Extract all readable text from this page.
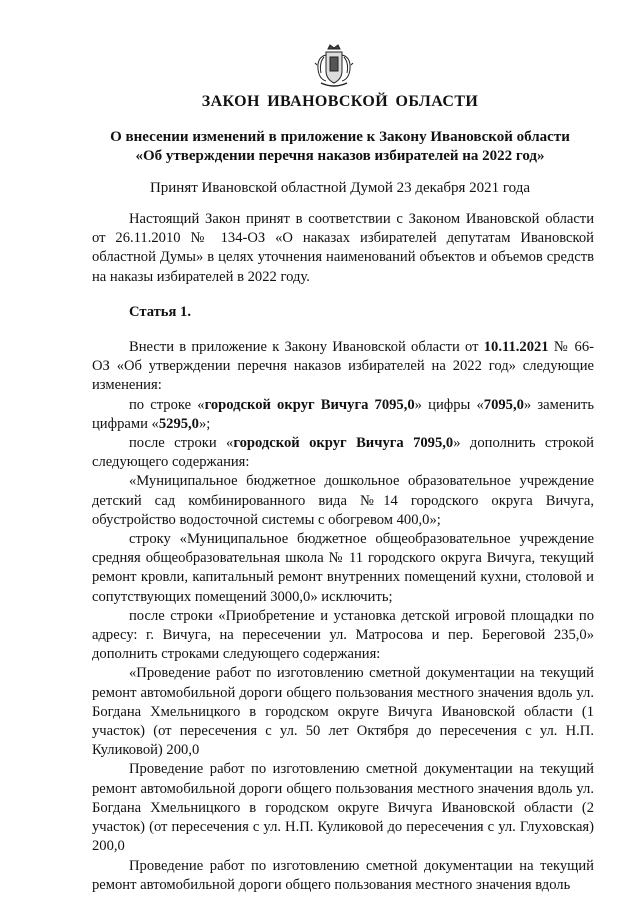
ЗАКОН ИВАНОВСКОЙ ОБЛАСТИ
О внесении изменений в приложение к Закону Ивановской области
«Об утверждении перечня наказов избирателей на 2022 год»
Принят Ивановской областной Думой 23 декабря 2021 года

Настоящий Закон принят в соответствии с Законом Ивановской области от 26.11.2010 № 134-ОЗ «О наказах избирателей депутатам Ивановской областной Думы» в целях уточнения наименований объектов и объемов средств на наказы избирателей в 2022 году.

Статья 1.

Внести в приложение к Закону Ивановской области от 10.11.2021 № 66-ОЗ «Об утверждении перечня наказов избирателей на 2022 год» следующие изменения:

по строке «городской округ Вичуга 7095,0» цифры «7095,0» заменить цифрами «5295,0»;

после строки «городской округ Вичуга 7095,0» дополнить строкой следующего содержания:

«Муниципальное бюджетное дошкольное образовательное учреждение детский сад комбинированного вида №14 городского округа Вичуга, обустройство водосточной системы с обогревом 400,0»;

строку «Муниципальное бюджетное общеобразовательное учреждение средняя общеобразовательная школа № 11 городского округа Вичуга, текущий ремонт кровли, капитальный ремонт внутренних помещений кухни, столовой и сопутствующих помещений 3000,0» исключить;

после строки «Приобретение и установка детской игровой площадки по адресу: г. Вичуга, на пересечении ул. Матросова и пер. Береговой 235,0» дополнить строками следующего содержания:

«Проведение работ по изготовлению сметной документации на текущий ремонт автомобильной дороги общего пользования местного значения вдоль ул. Богдана Хмельницкого в городском округе Вичуга Ивановской области (1 участок) (от пересечения с ул. 50 лет Октября до пересечения с ул. Н.П. Куликовой) 200,0

Проведение работ по изготовлению сметной документации на текущий ремонт автомобильной дороги общего пользования местного значения вдоль ул. Богдана Хмельницкого в городском округе Вичуга Ивановской области (2 участок) (от пересечения с ул. Н.П. Куликовой до пересечения с ул. Глуховская) 200,0

Проведение работ по изготовлению сметной документации на текущий ремонт автомобильной дороги общего пользования местного значения вдоль
